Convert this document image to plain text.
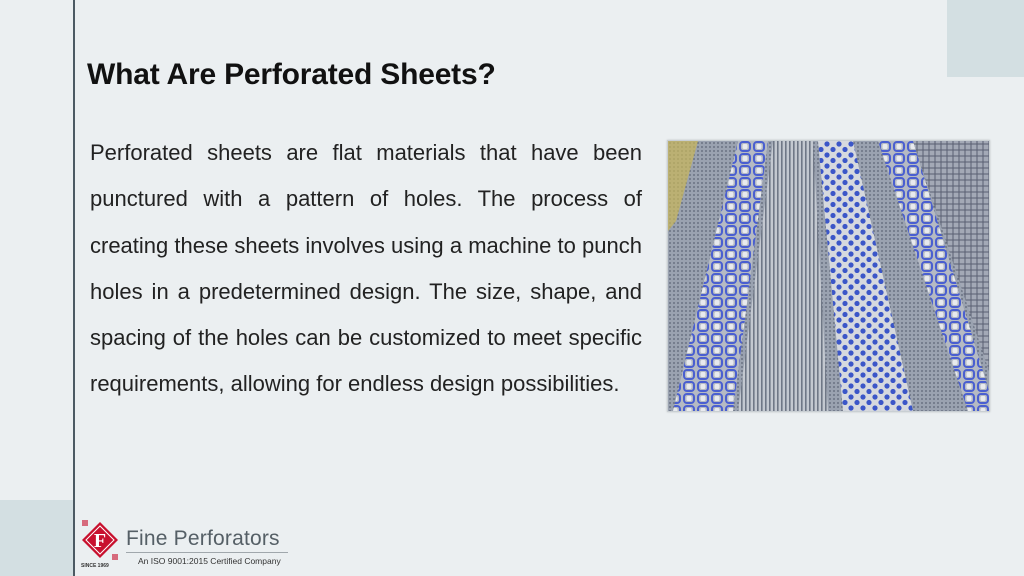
What Are Perforated Sheets?

Perforated sheets are flat materials that have been punctured with a pattern of holes. The process of creating these sheets involves using a machine to punch holes in a predetermined design. The size, shape, and spacing of the holes can be customized to meet specific requirements, allowing for endless design possibilities.

F Fine Perforators
An ISO 9001:2015 Certified Company
SINCE 1969
